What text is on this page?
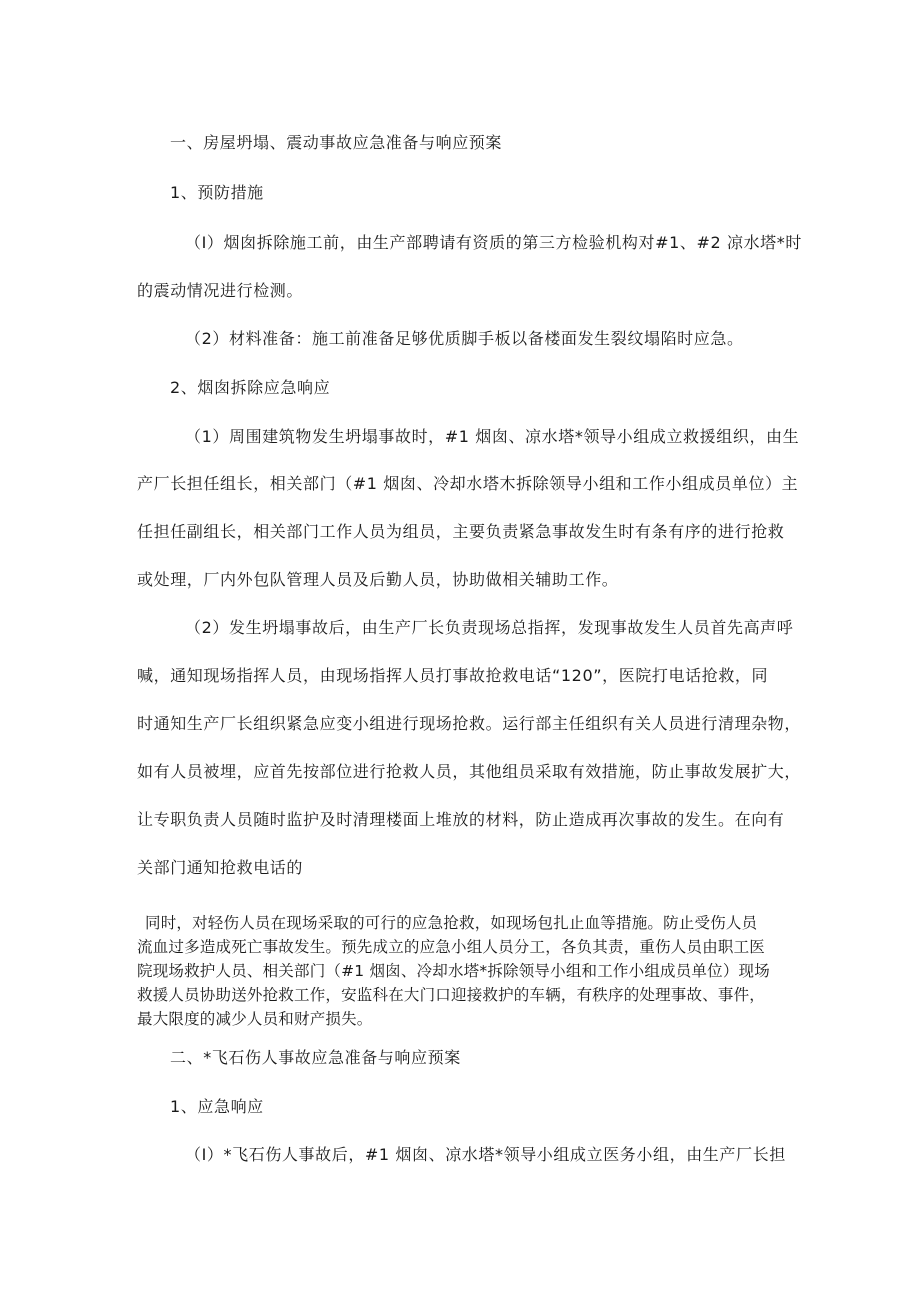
一、房屋坍塌、震动事故应急准备与响应预案
1、预防措施
（I）烟囱拆除施工前，由生产部聘请有资质的第三方检验机构对#1、#2 凉水塔*时
的震动情况进行检测。
（2）材料准备：施工前准备足够优质脚手板以备楼面发生裂纹塌陷时应急。
2、烟囱拆除应急响应
（1）周围建筑物发生坍塌事故时，#1 烟囱、凉水塔*领导小组成立救援组织，由生
产厂长担任组长，相关部门（#1 烟囱、冷却水塔木拆除领导小组和工作小组成员单位）主
任担任副组长，相关部门工作人员为组员，主要负责紧急事故发生时有条有序的进行抢救
或处理，厂内外包队管理人员及后勤人员，协助做相关辅助工作。
（2）发生坍塌事故后，由生产厂长负责现场总指挥，发现事故发生人员首先高声呼
喊，通知现场指挥人员，由现场指挥人员打事故抢救电话“120”，医院打电话抢救，同
时通知生产厂长组织紧急应变小组进行现场抢救。运行部主任组织有关人员进行清理杂物，
如有人员被埋，应首先按部位进行抢救人员，其他组员采取有效措施，防止事故发展扩大，
让专职负责人员随时监护及时清理楼面上堆放的材料，防止造成再次事故的发生。在向有
关部门通知抢救电话的
同时，对轻伤人员在现场采取的可行的应急抢救，如现场包扎止血等措施。防止受伤人员
流血过多造成死亡事故发生。预先成立的应急小组人员分工，各负其责，重伤人员由职工医
院现场救护人员、相关部门（#1 烟囱、冷却水塔*拆除领导小组和工作小组成员单位）现场
救援人员协助送外抢救工作，安监科在大门口迎接救护的车辆，有秩序的处理事故、事件，
最大限度的减少人员和财产损失。
二、*飞石伤人事故应急准备与响应预案
1、应急响应
（I）*飞石伤人事故后，#1 烟囱、凉水塔*领导小组成立医务小组，由生产厂长担
